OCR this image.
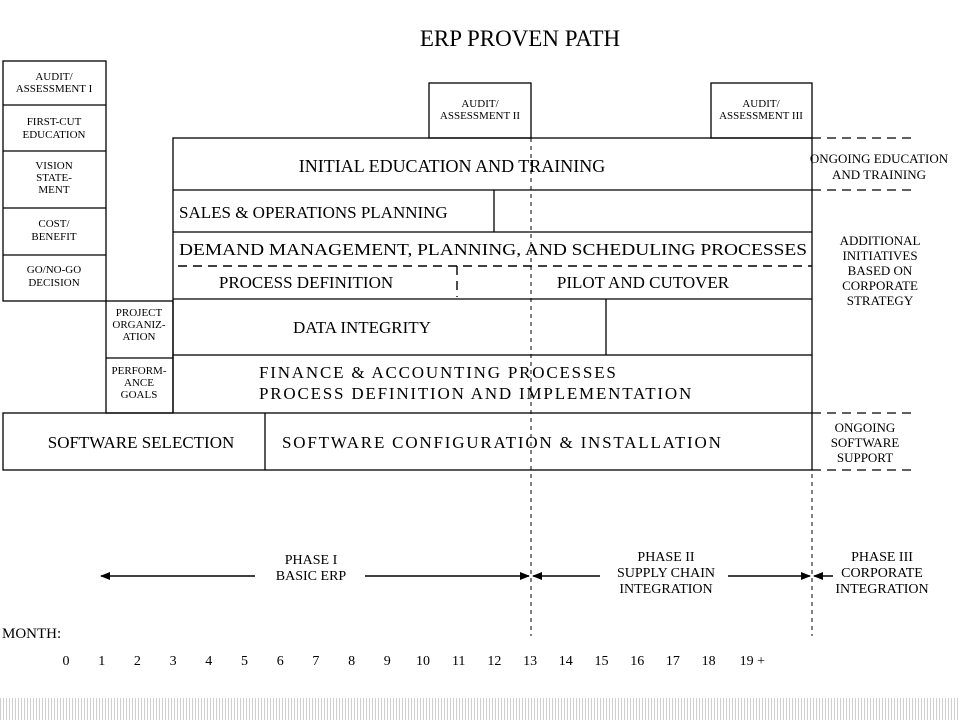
ERP PROVEN PATH
AUDIT/
ASSESSMENT I
FIRST-CUT
EDUCATION
VISION
STATE-
MENT
COST/
BENEFIT
GO/NO-GO
DECISION
PROJECT
ORGANIZ-
ATION
PERFORM-
ANCE
GOALS
AUDIT/
ASSESSMENT II
AUDIT/
ASSESSMENT III
INITIAL EDUCATION AND TRAINING
SALES & OPERATIONS PLANNING
DEMAND MANAGEMENT, PLANNING, AND SCHEDULING PROCESSES
PROCESS DEFINITION	PILOT AND CUTOVER
DATA INTEGRITY
FINANCE & ACCOUNTING PROCESSES
PROCESS DEFINITION AND IMPLEMENTATION
SOFTWARE SELECTION	SOFTWARE CONFIGURATION & INSTALLATION
ONGOING EDUCATION
AND TRAINING
ADDITIONAL
INITIATIVES
BASED ON
CORPORATE
STRATEGY
ONGOING
SOFTWARE
SUPPORT
PHASE I
BASIC ERP
PHASE II
SUPPLY CHAIN
INTEGRATION
PHASE III
CORPORATE
INTEGRATION
MONTH:
0 1 2 3 4 5 6 7 8 9 10 11 12 13 14 15 16 17 18 19 +
